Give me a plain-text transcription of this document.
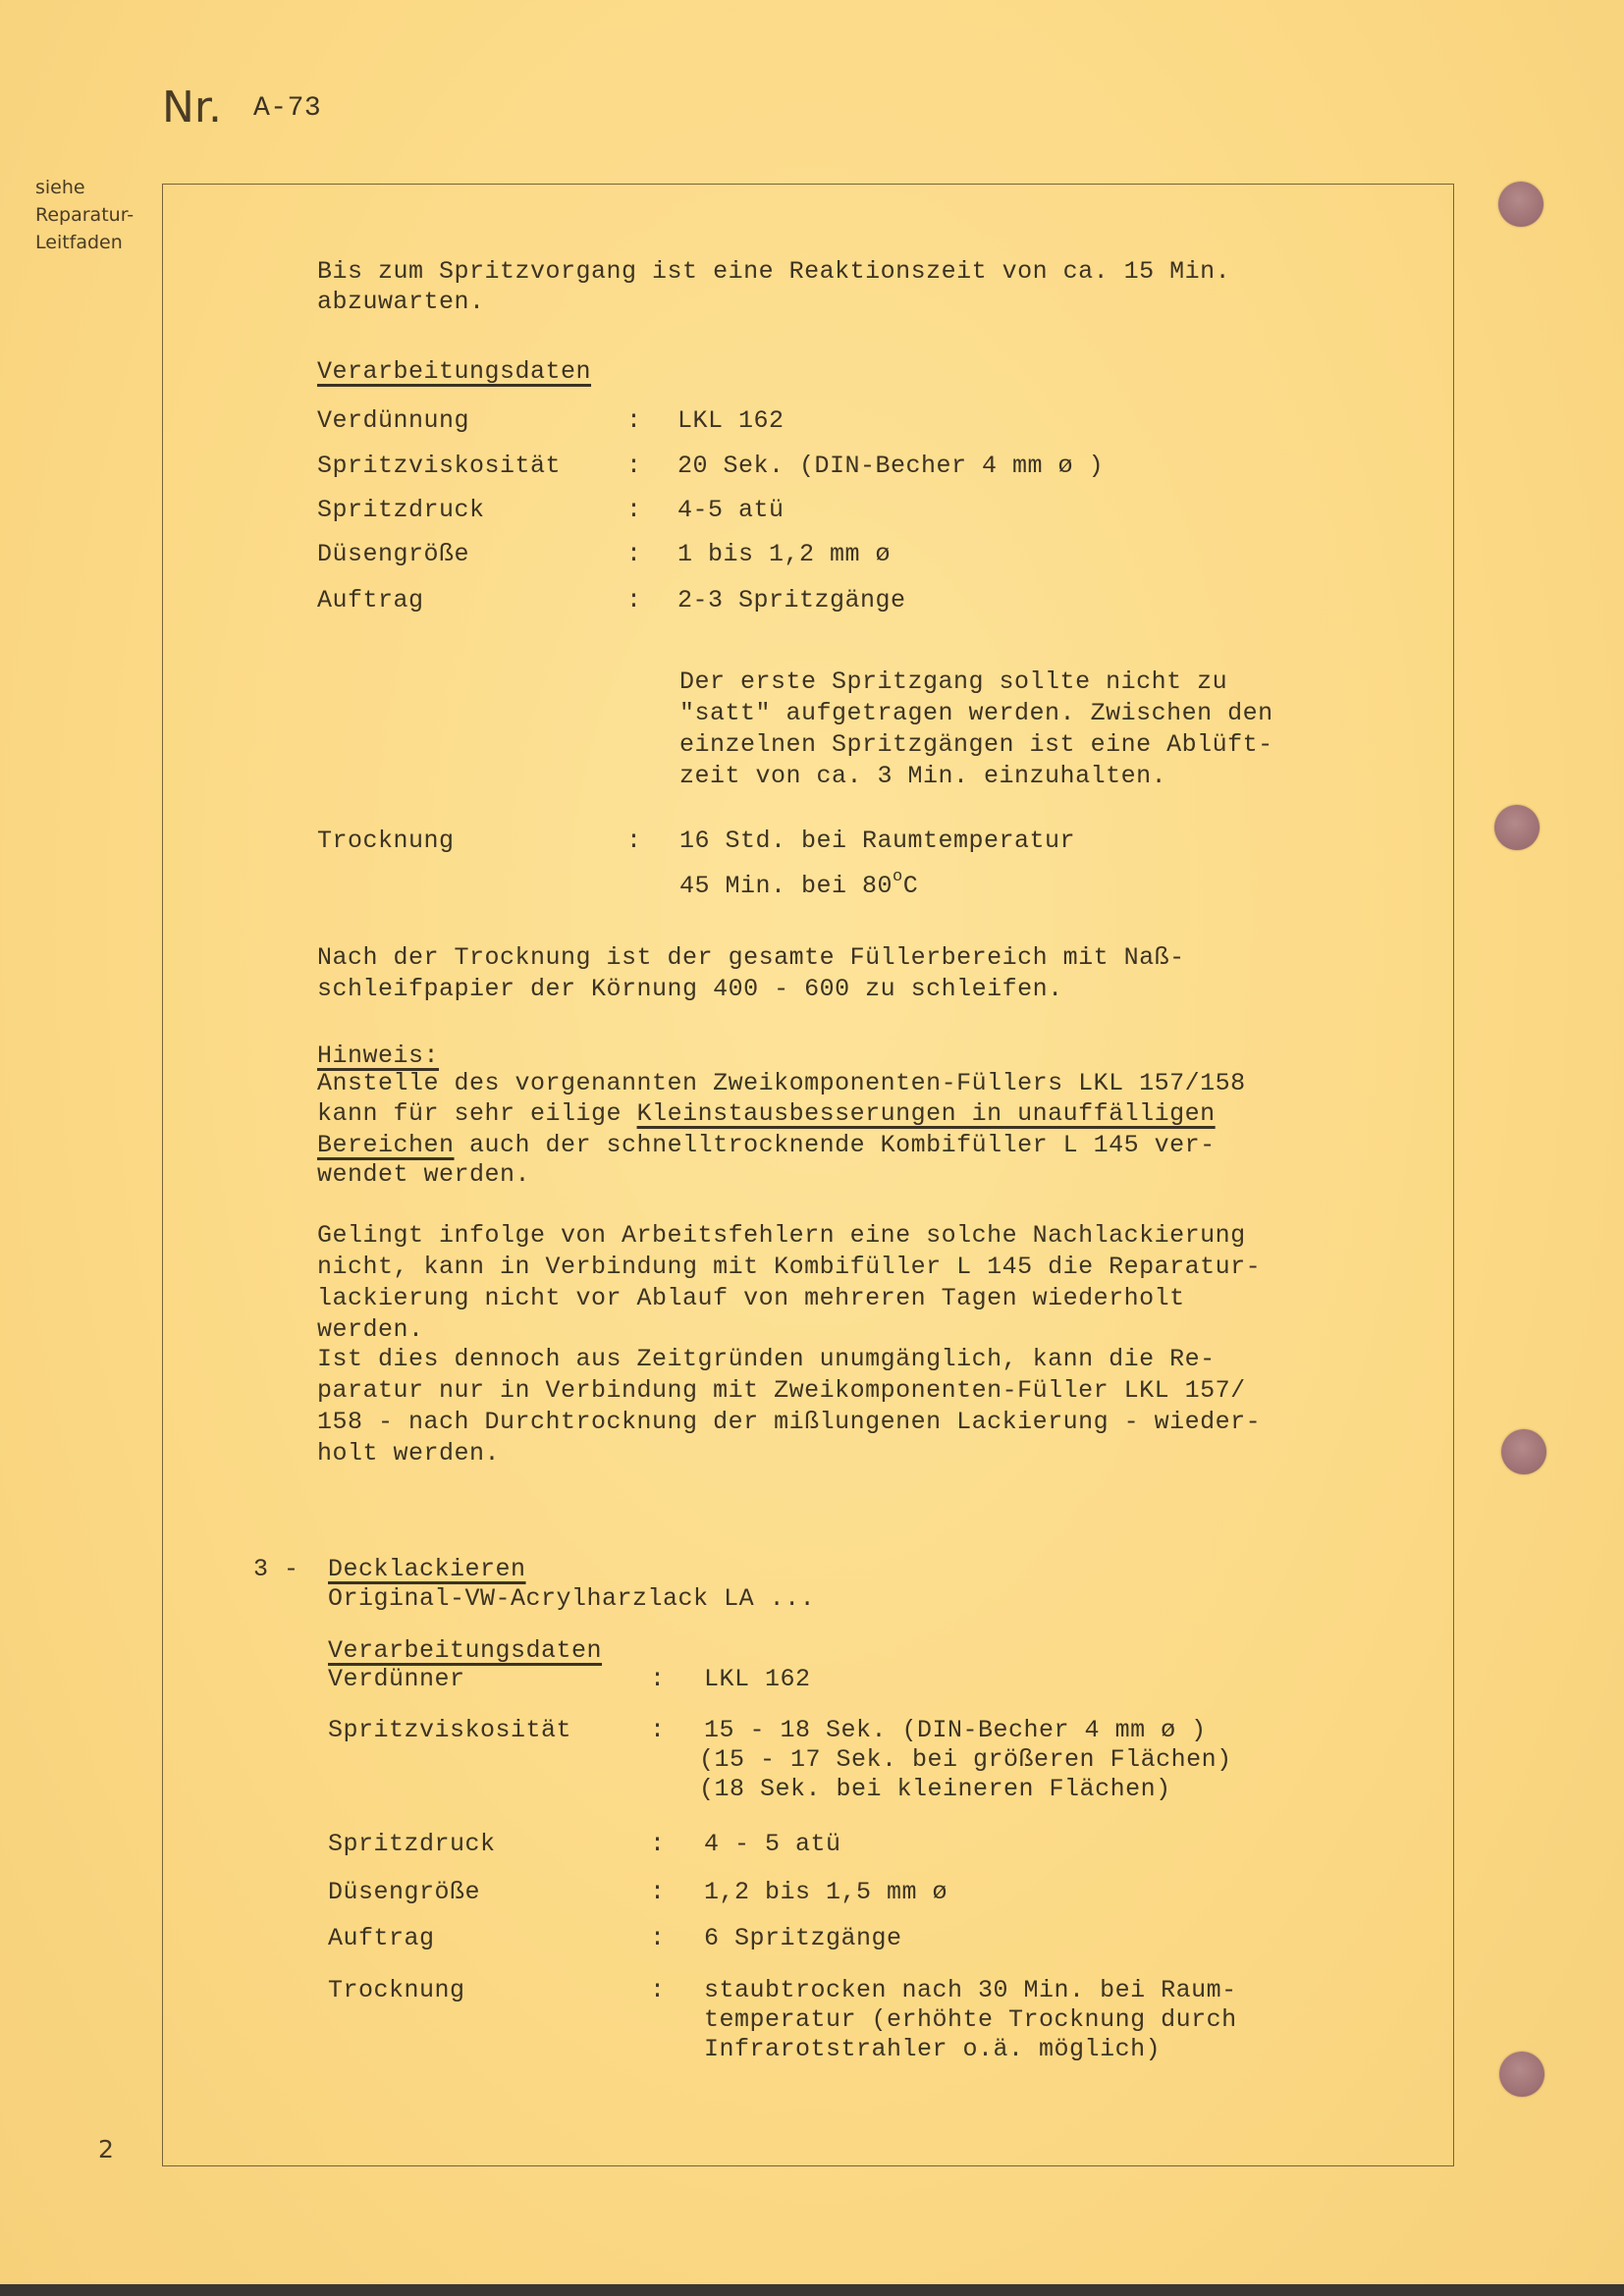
Nr. A-73
siehe
Reparatur-
Leitfaden
Bis zum Spritzvorgang ist eine Reaktionszeit von ca. 15 Min.
abzuwarten.
Verarbeitungsdaten
Verdünnung	: LKL 162
Spritzviskosität	: 20 Sek. (DIN-Becher 4 mm ø )
Spritzdruck	: 4-5 atü
Düsengröße	: 1 bis 1,2 mm ø
Auftrag	: 2-3 Spritzgänge
Der erste Spritzgang sollte nicht zu
"satt" aufgetragen werden. Zwischen den
einzelnen Spritzgängen ist eine Ablüft-
zeit von ca. 3 Min. einzuhalten.
Trocknung	: 16 Std. bei Raumtemperatur
45 Min. bei 80$^o$C
Nach der Trocknung ist der gesamte Füllerbereich mit Naß-
schleifpapier der Körnung 400 - 600 zu schleifen.
Hinweis:
Anstelle des vorgenannten Zweikomponenten-Füllers LKL 157/158
kann für sehr eilige Kleinstausbesserungen in unauffälligen
Bereichen auch der schnelltrocknende Kombifüller L 145 ver-
wendet werden.
Gelingt infolge von Arbeitsfehlern eine solche Nachlackierung
nicht, kann in Verbindung mit Kombifüller L 145 die Reparatur-
lackierung nicht vor Ablauf von mehreren Tagen wiederholt
werden.
Ist dies dennoch aus Zeitgründen unumgänglich, kann die Re-
paratur nur in Verbindung mit Zweikomponenten-Füller LKL 157/
158 - nach Durchtrocknung der mißlungenen Lackierung - wieder-
holt werden.
3 - Decklackieren
Original-VW-Acrylharzlack LA ...
Verarbeitungsdaten
Verdünner	: LKL 162
Spritzviskosität	: 15 - 18 Sek. (DIN-Becher 4 mm ø )
(15 - 17 Sek. bei größeren Flächen)
(18 Sek. bei kleineren Flächen)
Spritzdruck	: 4 - 5 atü
Düsengröße	: 1,2 bis 1,5 mm ø
Auftrag	: 6 Spritzgänge
Trocknung	: staubtrocken nach 30 Min. bei Raum-
temperatur (erhöhte Trocknung durch
Infrarotstrahler o.ä. möglich)
2
